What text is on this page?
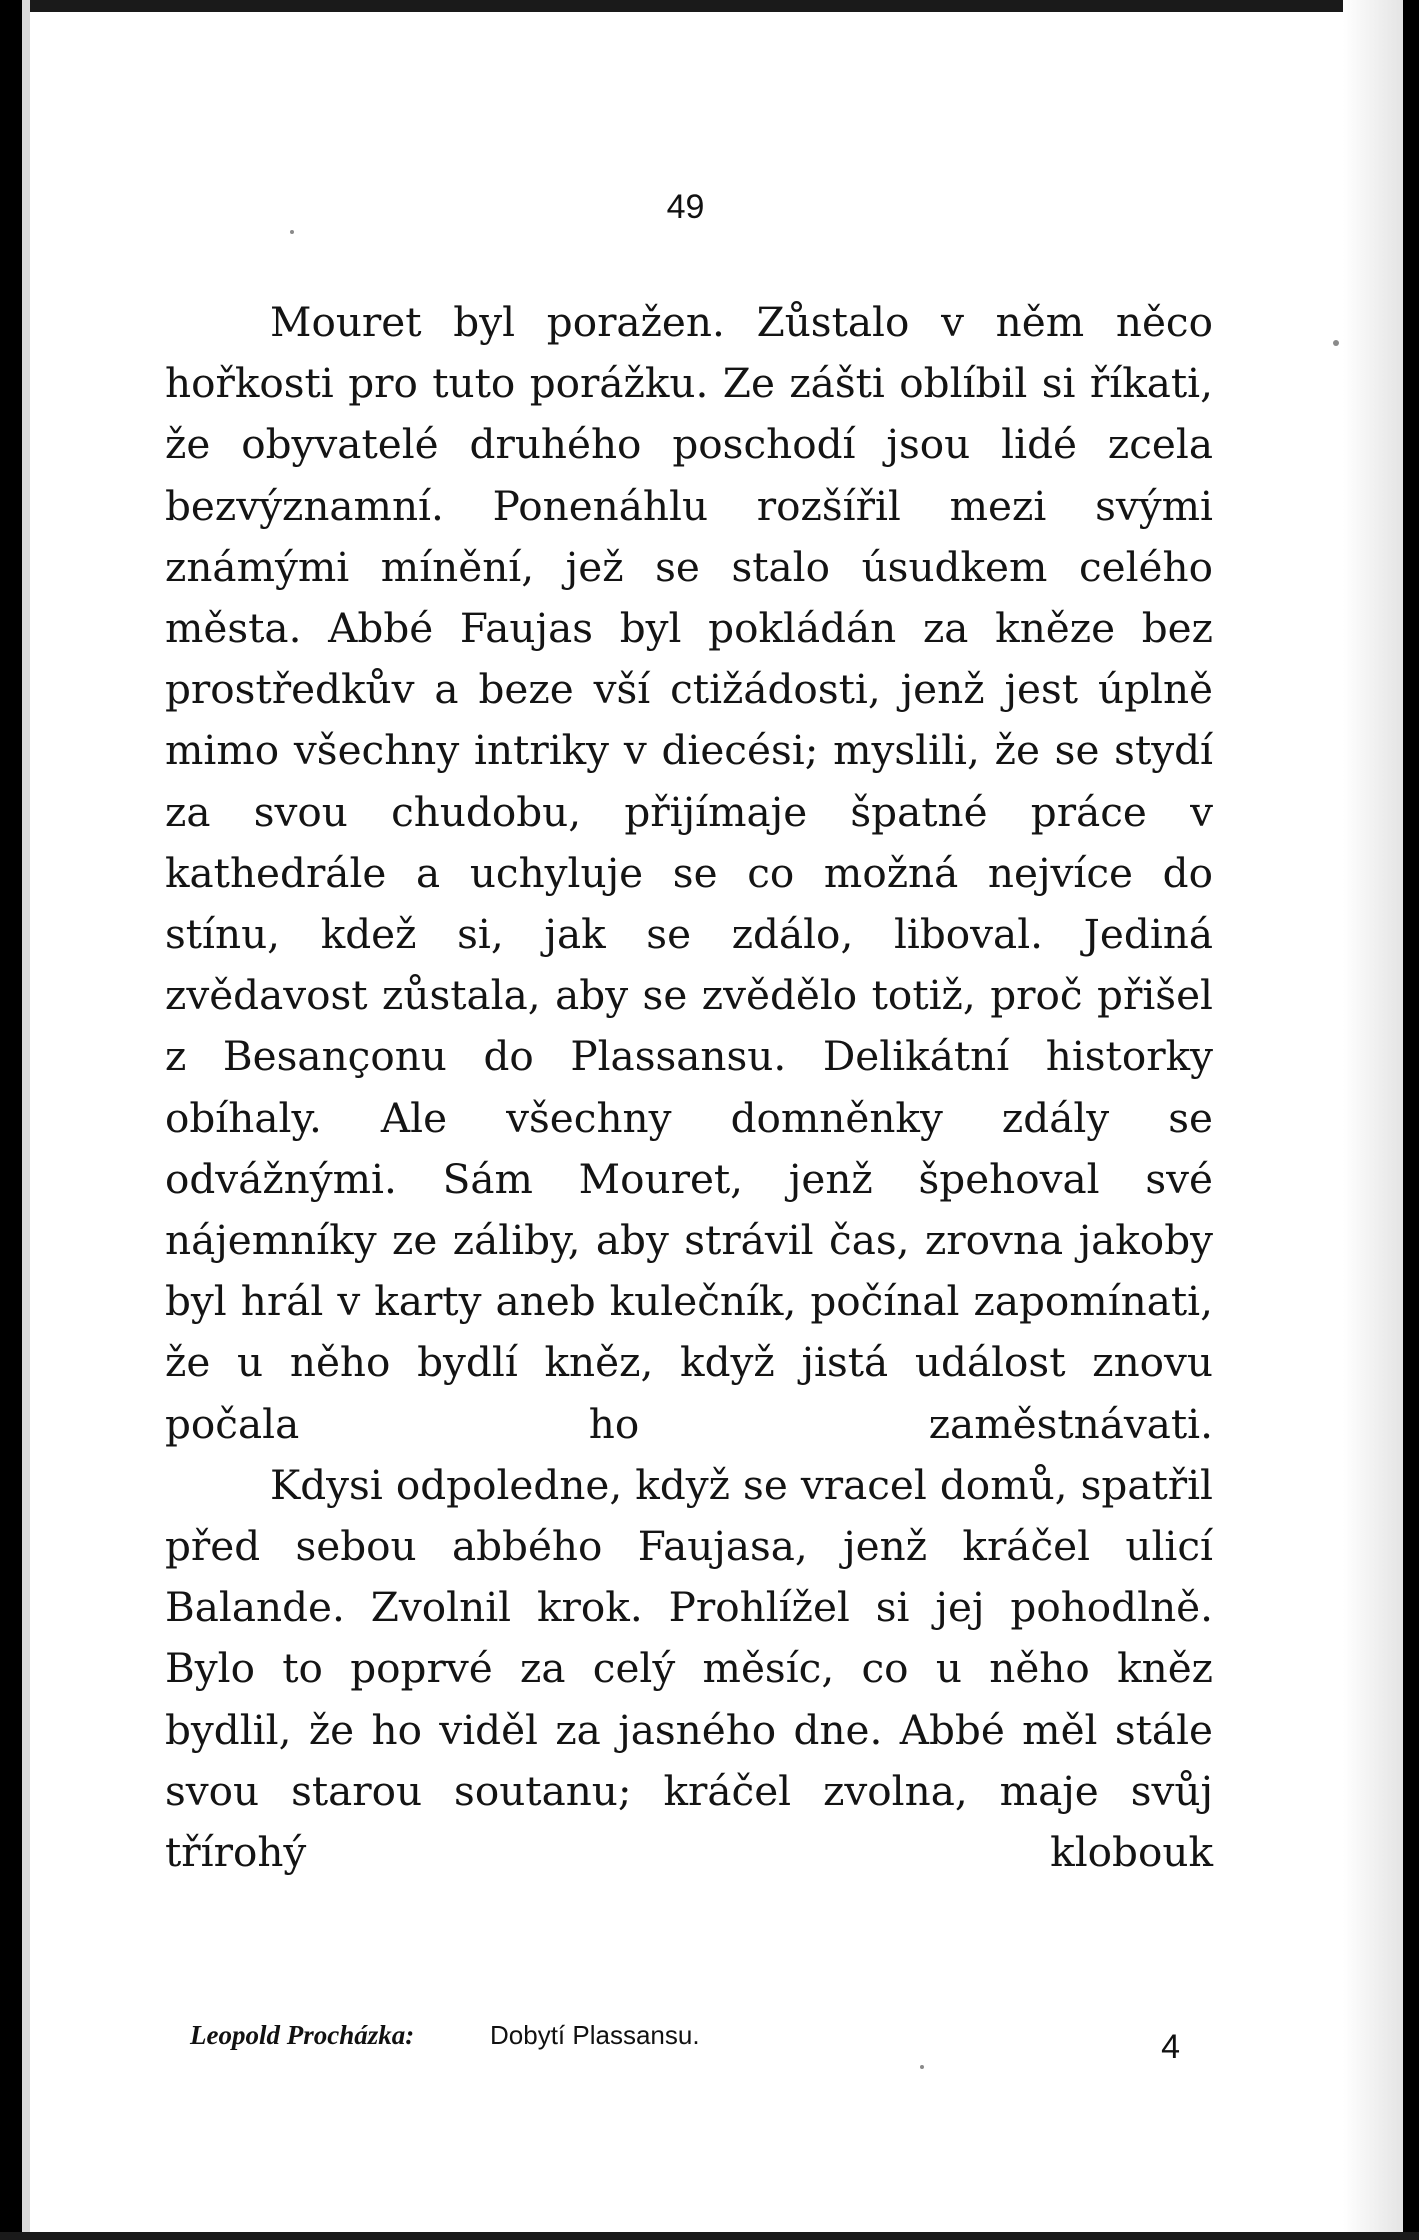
49

Mouret byl poražen. Zůstalo v něm něco hořkosti pro tuto porážku. Ze zášti oblíbil si říkati, že obyvatelé druhého poschodí jsou lidé zcela bezvýznamní. Ponenáhlu rozšířil mezi svými známými mínění, jež se stalo úsudkem celého města. Abbé Faujas byl pokládán za kněze bez prostředkův a beze vší ctižádosti, jenž jest úplně mimo všechny intriky v diecési; myslili, že se stydí za svou chudobu, přijímaje špatné práce v kathedrále a uchyluje se co možná nejvíce do stínu, kdež si, jak se zdálo, liboval. Jediná zvědavost zůstala, aby se zvědělo totiž, proč přišel z Besançonu do Plassansu. Delikátní historky obíhaly. Ale všechny domněnky zdály se odvážnými. Sám Mouret, jenž špehoval své nájemníky ze záliby, aby strávil čas, zrovna jakoby byl hrál v karty aneb kulečník, počínal zapomínati, že u něho bydlí kněz, když jistá událost znovu počala ho zaměstnávati.

Kdysi odpoledne, když se vracel domů, spatřil před sebou abbého Faujasa, jenž kráčel ulicí Balande. Zvolnil krok. Prohlížel si jej pohodlně. Bylo to poprvé za celý měsíc, co u něho kněz bydlil, že ho viděl za jasného dne. Abbé měl stále svou starou soutanu; kráčel zvolna, maje svůj třírohý klobouk

Leopold Procházka:	Dobytí Plassansu.	4
